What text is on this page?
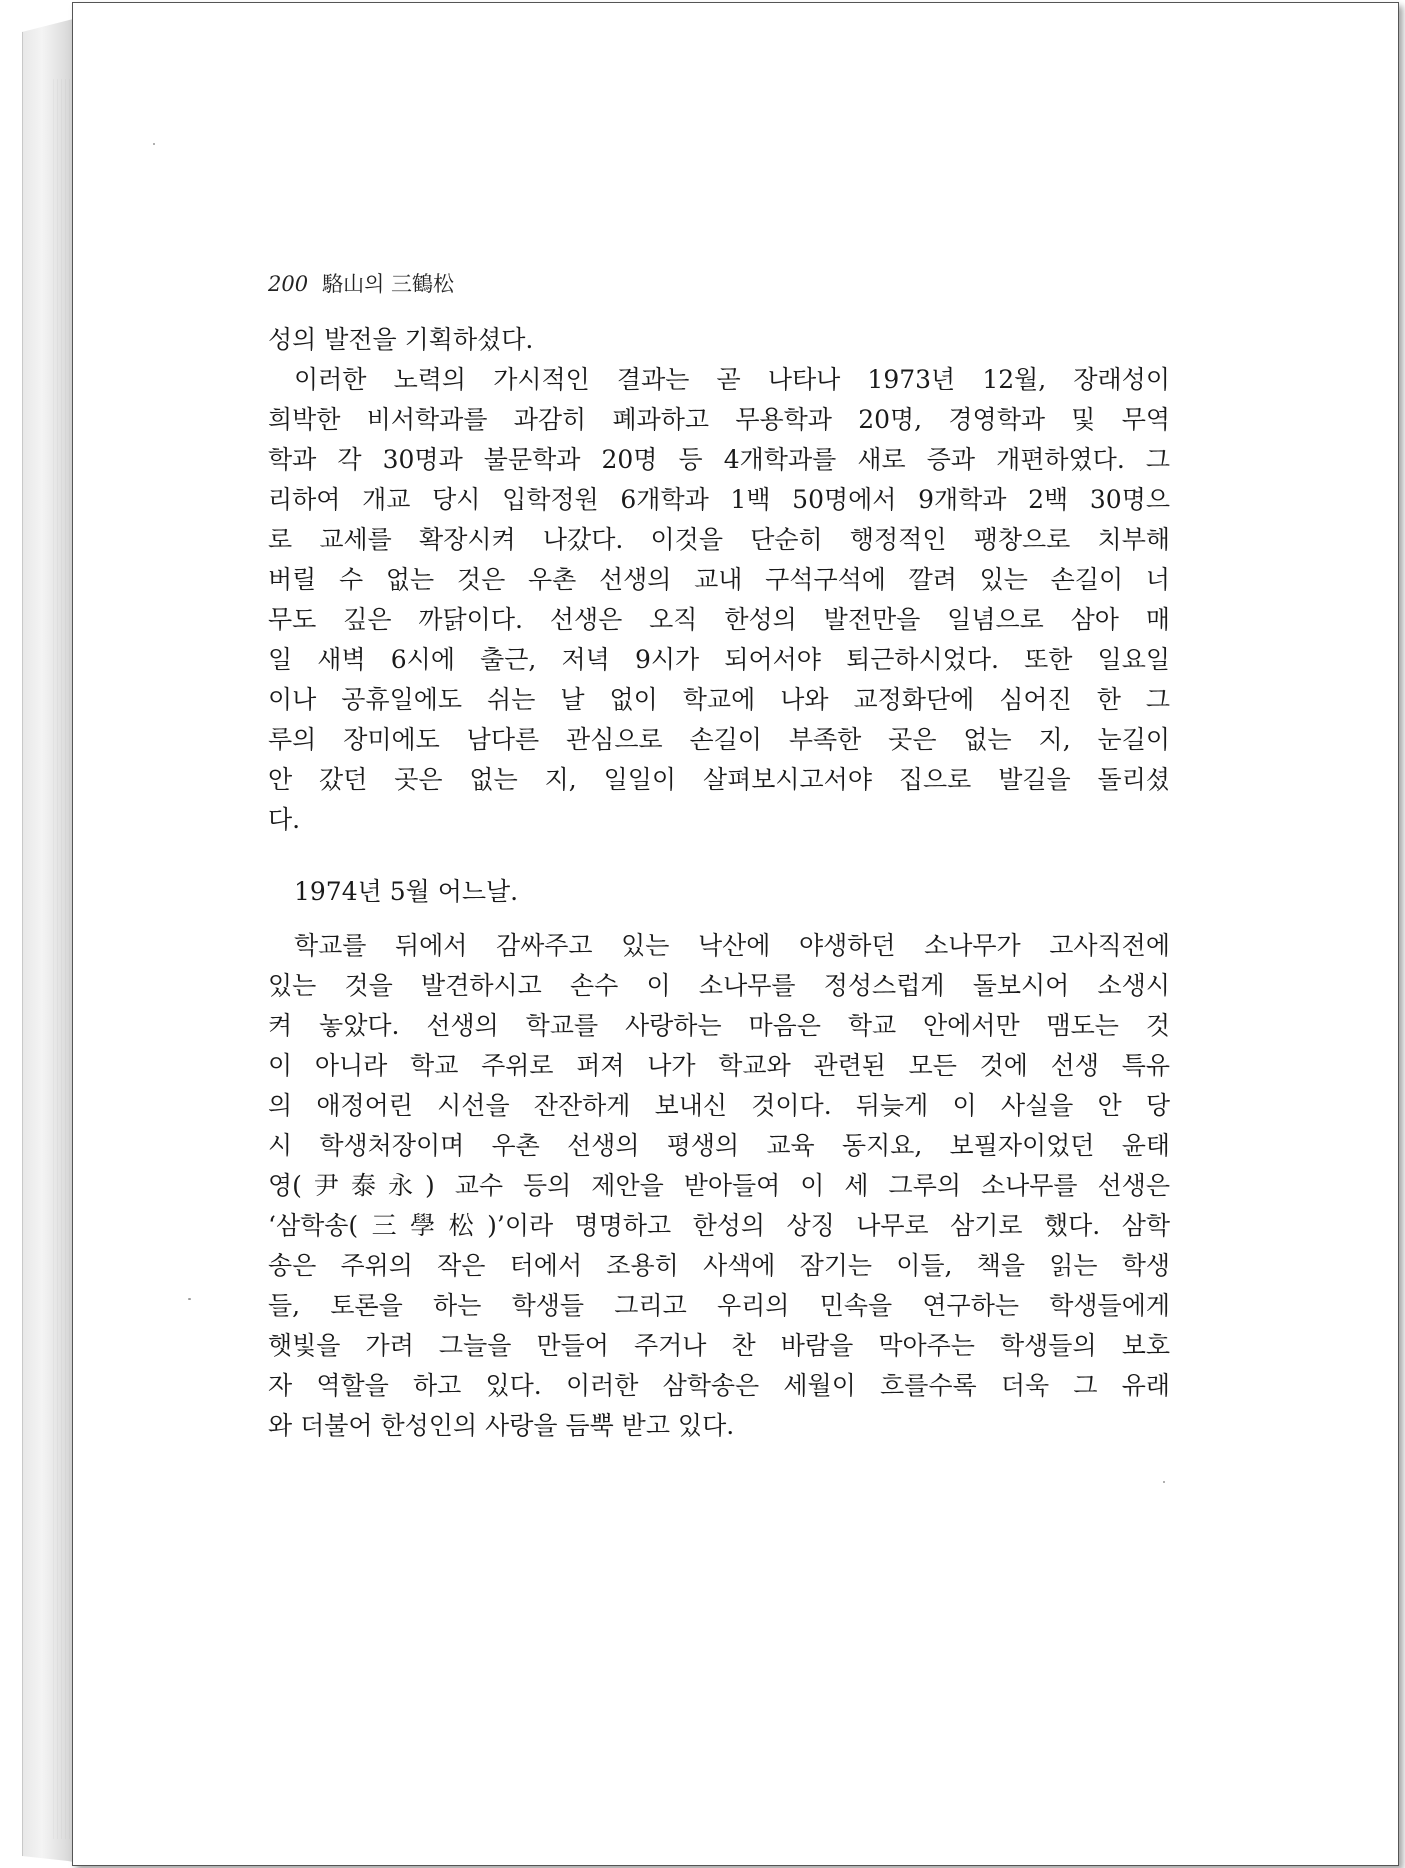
200 駱山의 三鶴松
성의 발전을 기획하셨다.
이러한 노력의 가시적인 결과는 곧 나타나 1973년 12월, 장래성이
희박한 비서학과를 과감히 폐과하고 무용학과 20명, 경영학과 및 무역
학과 각 30명과 불문학과 20명 등 4개학과를 새로 증과 개편하였다. 그
리하여 개교 당시 입학정원 6개학과 1백 50명에서 9개학과 2백 30명으
로 교세를 확장시켜 나갔다. 이것을 단순히 행정적인 팽창으로 치부해
버릴 수 없는 것은 우촌 선생의 교내 구석구석에 깔려 있는 손길이 너
무도 깊은 까닭이다. 선생은 오직 한성의 발전만을 일념으로 삼아 매
일 새벽 6시에 출근, 저녁 9시가 되어서야 퇴근하시었다. 또한 일요일
이나 공휴일에도 쉬는 날 없이 학교에 나와 교정화단에 심어진 한 그
루의 장미에도 남다른 관심으로 손길이 부족한 곳은 없는 지, 눈길이
안 갔던 곳은 없는 지, 일일이 살펴보시고서야 집으로 발길을 돌리셨
다.
1974년 5월 어느날.
학교를 뒤에서 감싸주고 있는 낙산에 야생하던 소나무가 고사직전에
있는 것을 발견하시고 손수 이 소나무를 정성스럽게 돌보시어 소생시
켜 놓았다. 선생의 학교를 사랑하는 마음은 학교 안에서만 맴도는 것
이 아니라 학교 주위로 퍼져 나가 학교와 관련된 모든 것에 선생 특유
의 애정어린 시선을 잔잔하게 보내신 것이다. 뒤늦게 이 사실을 안 당
시 학생처장이며 우촌 선생의 평생의 교육 동지요, 보필자이었던 윤태
영(尹泰永) 교수 등의 제안을 받아들여 이 세 그루의 소나무를 선생은
‘삼학송(三學松)’이라 명명하고 한성의 상징 나무로 삼기로 했다. 삼학
송은 주위의 작은 터에서 조용히 사색에 잠기는 이들, 책을 읽는 학생
들, 토론을 하는 학생들 그리고 우리의 민속을 연구하는 학생들에게
햇빛을 가려 그늘을 만들어 주거나 찬 바람을 막아주는 학생들의 보호
자 역할을 하고 있다. 이러한 삼학송은 세월이 흐를수록 더욱 그 유래
와 더불어 한성인의 사랑을 듬뿍 받고 있다.
